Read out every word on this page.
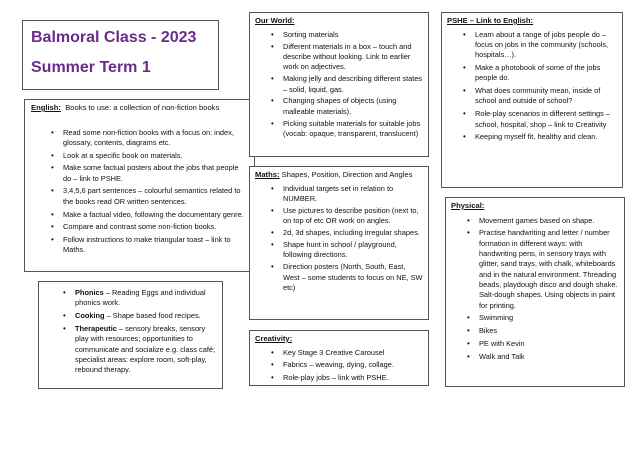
Balmoral Class - 2023
Summer Term 1
English: Books to use: a collection of non-fiction books
• Read some non-fiction books with a focus on: index, glossary, contents, diagrams etc.
• Look at a specific book on materials.
• Make some factual posters about the jobs that people do – link to PSHE.
• 3,4,5,6 part sentences – colourful semantics related to the books read OR written sentences.
• Make a factual video, following the documentary genre.
• Compare and contrast some non-fiction books.
• Follow instructions to make triangular toast – link to Maths.
• Phonics – Reading Eggs and individual phonics work.
• Cooking – Shape based food recipes.
• Therapeutic – sensory breaks, sensory play with resources; opportunities to communicate and socialize e.g. class café; specialist areas: explore room, soft-play, rebound therapy.
Our World:
• Sorting materials
• Different materials in a box – touch and describe without looking. Link to earlier work on adjectives.
• Making jelly and describing different states – solid, liquid, gas.
• Changing shapes of objects (using malleable materials).
• Picking suitable materials for suitable jobs (vocab: opaque, transparent, translucent)
Maths: Shapes, Position, Direction and Angles
• Individual targets set in relation to NUMBER.
• Use pictures to describe position (next to, on top of etc OR work on angles.
• 2d, 3d shapes, including irregular shapes.
• Shape hunt in school / playground, following directions.
• Direction posters (North, South, East, West – some students to focus on NE, SW etc)
Creativity:
• Key Stage 3 Creative Carousel
• Fabrics – weaving, dying, collage.
• Role-play jobs – link with PSHE.
PSHE – Link to English:
• Learn about a range of jobs people do – focus on jobs in the community (schools, hospitals…).
• Make a photobook of some of the jobs people do.
• What does community mean, inside of school and outside of school?
• Role-play scenarios in different settings – school, hospital, shop – link to Creativity
• Keeping myself fit, healthy and clean.
Physical:
• Movement games based on shape.
• Practise handwriting and letter / number formation in different ways: with handwriting pens, in sensory trays with glitter, sand trays, with chalk, whiteboards and in the natural environment. Threading beads, playdough disco and dough shake. Salt-dough shapes. Using objects in paint for printing.
• Swimming
• Bikes
• PE with Kevin
• Walk and Talk
